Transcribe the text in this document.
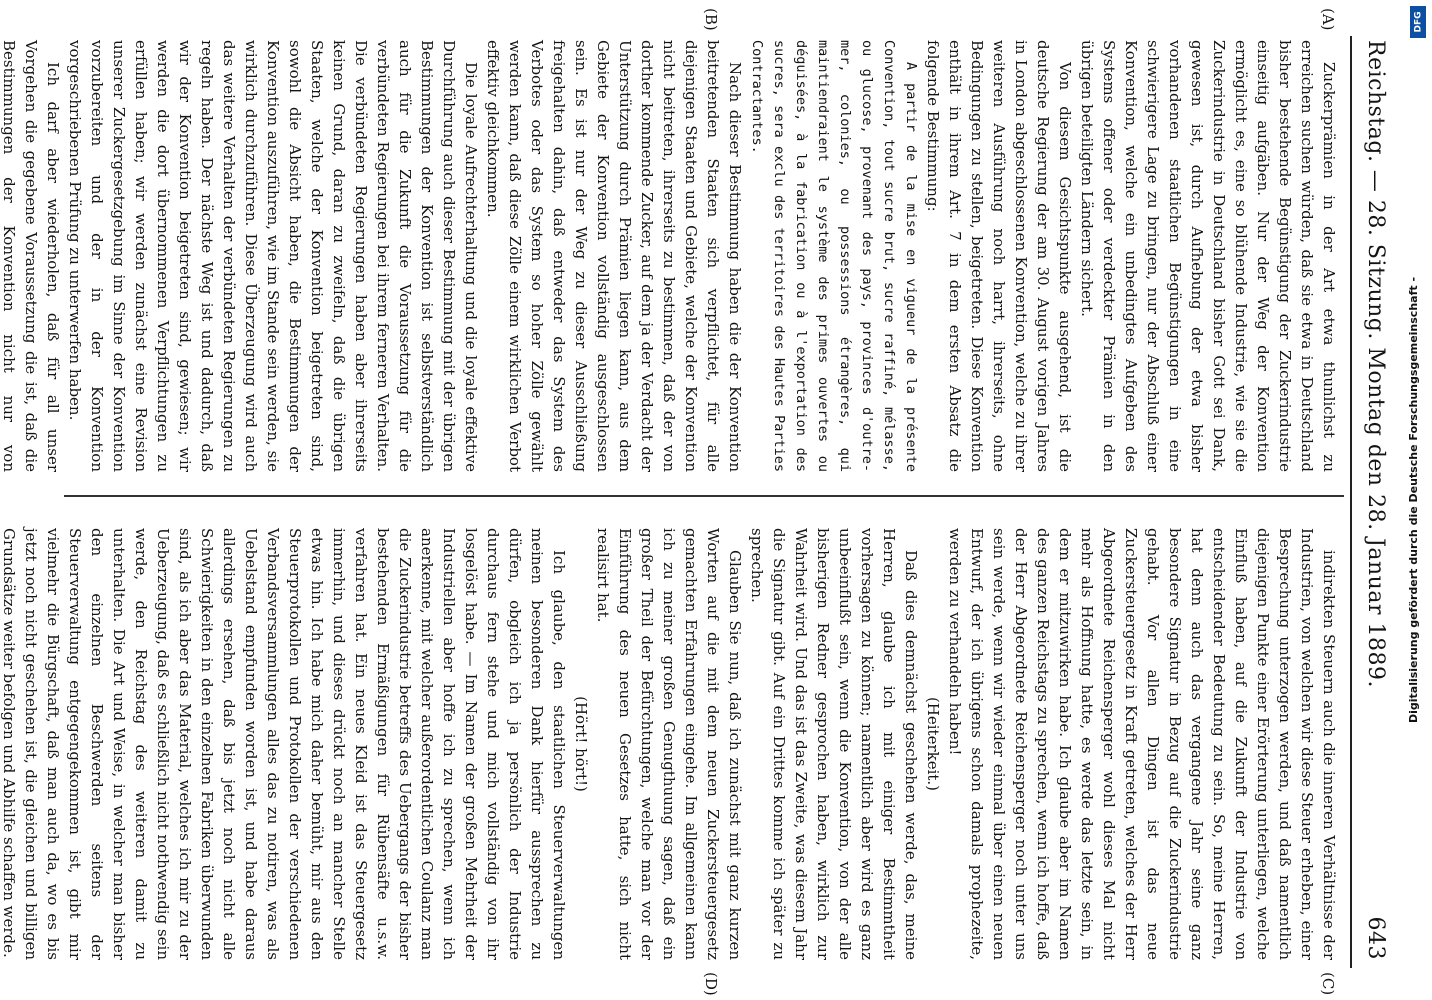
Reichstag. — 28. Sitzung. Montag den 28. Januar 1889.
643
(A)
(B)
(C)
(D)

Zuckerprämien in der Art etwa thunlichst zu erreichen suchen würden, daß sie etwa in Deutschland bisher bestehende Begünstigung der Zuckerindustrie einseitig aufgäben. Nur der Weg der Konvention ermöglicht es, eine so blühende Industrie, wie sie die Zuckerindustrie in Deutschland bisher Gott sei Dank, gewesen ist, durch Aufhebung der etwa bisher vorhandenen staatlichen Begünstigungen in eine schwierigere Lage zu bringen, nur der Abschluß einer Konvention, welche ein unbedingtes Aufgeben des Systems offener oder verdeckter Prämien in den übrigen beteiligten Ländern sichert.

Von diesem Gesichtspunkte ausgehend, ist die deutsche Regierung der am 30. August vorigen Jahres in London abgeschlossenen Konvention, welche zu ihrer weiteren Ausführung noch harrt, ihrerseits, ohne Bedingungen zu stellen, beigetreten. Diese Konvention enthält in ihrem Art. 7 in dem ersten Absatz die folgende Bestimmung:

A partir de la mise en vigueur de la présente Convention, tout sucre brut, sucre raffiné, mélasse, ou glucose, provenant des pays, provinces d'outre-mer, colonies, ou possessions étrangères, qui maintiendraient le système des primes ouvertes ou déguisées, à la fabrication ou à l'exportation des sucres, sera exclu des territoires des Hautes Parties Contractantes.

Nach dieser Bestimmung haben die der Konvention beitretenden Staaten sich verpflichtet, für alle diejenigen Staaten und Gebiete, welche der Konvention nicht beitreten, ihrerseits zu bestimmen, daß der von dorther kommende Zucker, auf dem ja der Verdacht der Unterstützung durch Prämien liegen kann, aus dem Gebiete der Konvention vollständig ausgeschlossen sein. Es ist nur der Weg zu dieser Ausschließung freigehalten dahin, daß entweder das System des Verbotes oder das System so hoher Zölle gewählt werden kann, daß diese Zölle einem wirklichen Verbot effektiv gleichkommen.

Die loyale Aufrechterhaltung und die loyale effektive Durchführung auch dieser Bestimmung mit der übrigen Bestimmungen der Konvention ist selbstverständlich auch für die Zukunft die Voraussetzung für die verbündeten Regierungen bei ihrem ferneren Verhalten. Die verbündeten Regierungen haben aber ihrerseits keinen Grund, daran zu zweifeln, daß die übrigen Staaten, welche der Konvention beigetreten sind, sowohl die Absicht haben, die Bestimmungen der Konvention auszuführen, wie im Stande sein werden, sie wirklich durchzuführen. Diese Überzeugung wird auch das weitere Verhalten der verbündeten Regierungen zu regeln haben. Der nächste Weg ist und dadurch, daß wir der Konvention beigetreten sind, gewiesen; wir werden die dort übernommenen Verpflichtungen zu erfüllen haben; wir werden zunächst eine Revision unserer Zuckergesetzgebung im Sinne der Konvention vorzubereiten und der in der Konvention vorgeschriebenen Prüfung zu unterwerfen haben.

Ich darf aber wiederholen, daß für all unser Vorgehen die gegebene Voraussetzung die ist, daß die Bestimmungen der Konvention nicht nur von

indirekten Steuern auch die inneren Verhältnisse der Industrien, von welchen wir diese Steuer erheben, einer Besprechung unterzogen werden, und daß namentlich diejenigen Punkte einer Erörterung unterliegen, welche Einfluß haben, auf die Zukunft der Industrie von entscheidender Bedeutung zu sein. So, meine Herren, hat denn auch das vergangene Jahr seine ganz besondere Signatur in Bezug auf die Zuckerindustrie gehabt. Vor allen Dingen ist das neue Zuckersteuergesetz in Kraft getreten, welches der Herr Abgeordnete Reichensperger wohl dieses Mal nicht mehr als Hoffnung hatte, es werde das letzte sein, in dem er mitzuwirken habe. Ich glaube aber im Namen des ganzen Reichstags zu sprechen, wenn ich hoffe, daß der Herr Abgeordnete Reichensperger noch unter uns sein werde, wenn wir wieder einmal über einen neuen Entwurf, der ich übrigens schon damals prophezeite, werden zu verhandeln haben!

(Heiterkeit.)

Daß dies demnächst geschehen werde, das, meine Herren, glaube ich mit einiger Bestimmtheit vorhersagen zu können; namentlich aber wird es ganz unbeeinflußt sein, wenn die Konvention, von der alle bisherigen Redner gesprochen haben, wirklich zur Wahrheit wird. Und das ist das Zweite, was diesem Jahr die Signatur gibt. Auf ein Drittes komme ich später zu sprechen.

Glauben Sie nun, daß ich zunächst mit ganz kurzen Worten auf die mit dem neuen Zuckersteuergesetz gemachten Erfahrungen eingehe. Im allgemeinen kann ich zu meiner großen Genugthuung sagen, daß ein großer Theil der Befürchtungen, welche man vor der Einführung des neuen Gesetzes hatte, sich nicht realisirt hat.

(Hört! hört!)

Ich glaube, den staatlichen Steuerverwaltungen meinen besonderen Dank hierfür aussprechen zu dürfen, obgleich ich ja persönlich der Industrie durchaus fern stehe und mich vollständig von ihr losgelöst habe. — Im Namen der großen Mehrheit der Industriellen aber hoffe ich zu sprechen, wenn ich anerkenne, mit welcher außerordentlichen Coulanz man die Zuckerindustrie betreffs des Uebergangs der bisher bestehenden Ermäßigungen für Rübensäfte u.s.w. verfahren hat. Ein neues Kleid ist das Steuergesetz immerhin, und dieses drückt noch an mancher Stelle etwas hin. Ich habe mich daher bemüht, mir aus den Steuerprotokollen und Protokollen der verschiedenen Verbandsversammlungen alles das zu notiren, was als Uebelstand empfunden worden ist, und habe daraus allerdings ersehen, daß bis jetzt noch nicht alle Schwierigkeiten in den einzelnen Fabriken überwunden sind, als ich aber das Material, welches ich mir zu der Ueberzeugung, daß es schließlich nicht nothwendig sein werde, den Reichstag des weiteren damit zu unterhalten. Die Art und Weise, in welcher man bisher den einzelnen Beschwerden seitens der Steuerverwaltung entgegengekommen ist, gibt mir vielmehr die Bürgschaft, daß man auch da, wo es bis jetzt noch nicht geschehen ist, die gleichen und billigen Grundsätze weiter befolgen und Abhilfe schaffen werde.

DFG
Digitalisierung gefördert durch die Deutsche Forschungsgemeinschaft -
